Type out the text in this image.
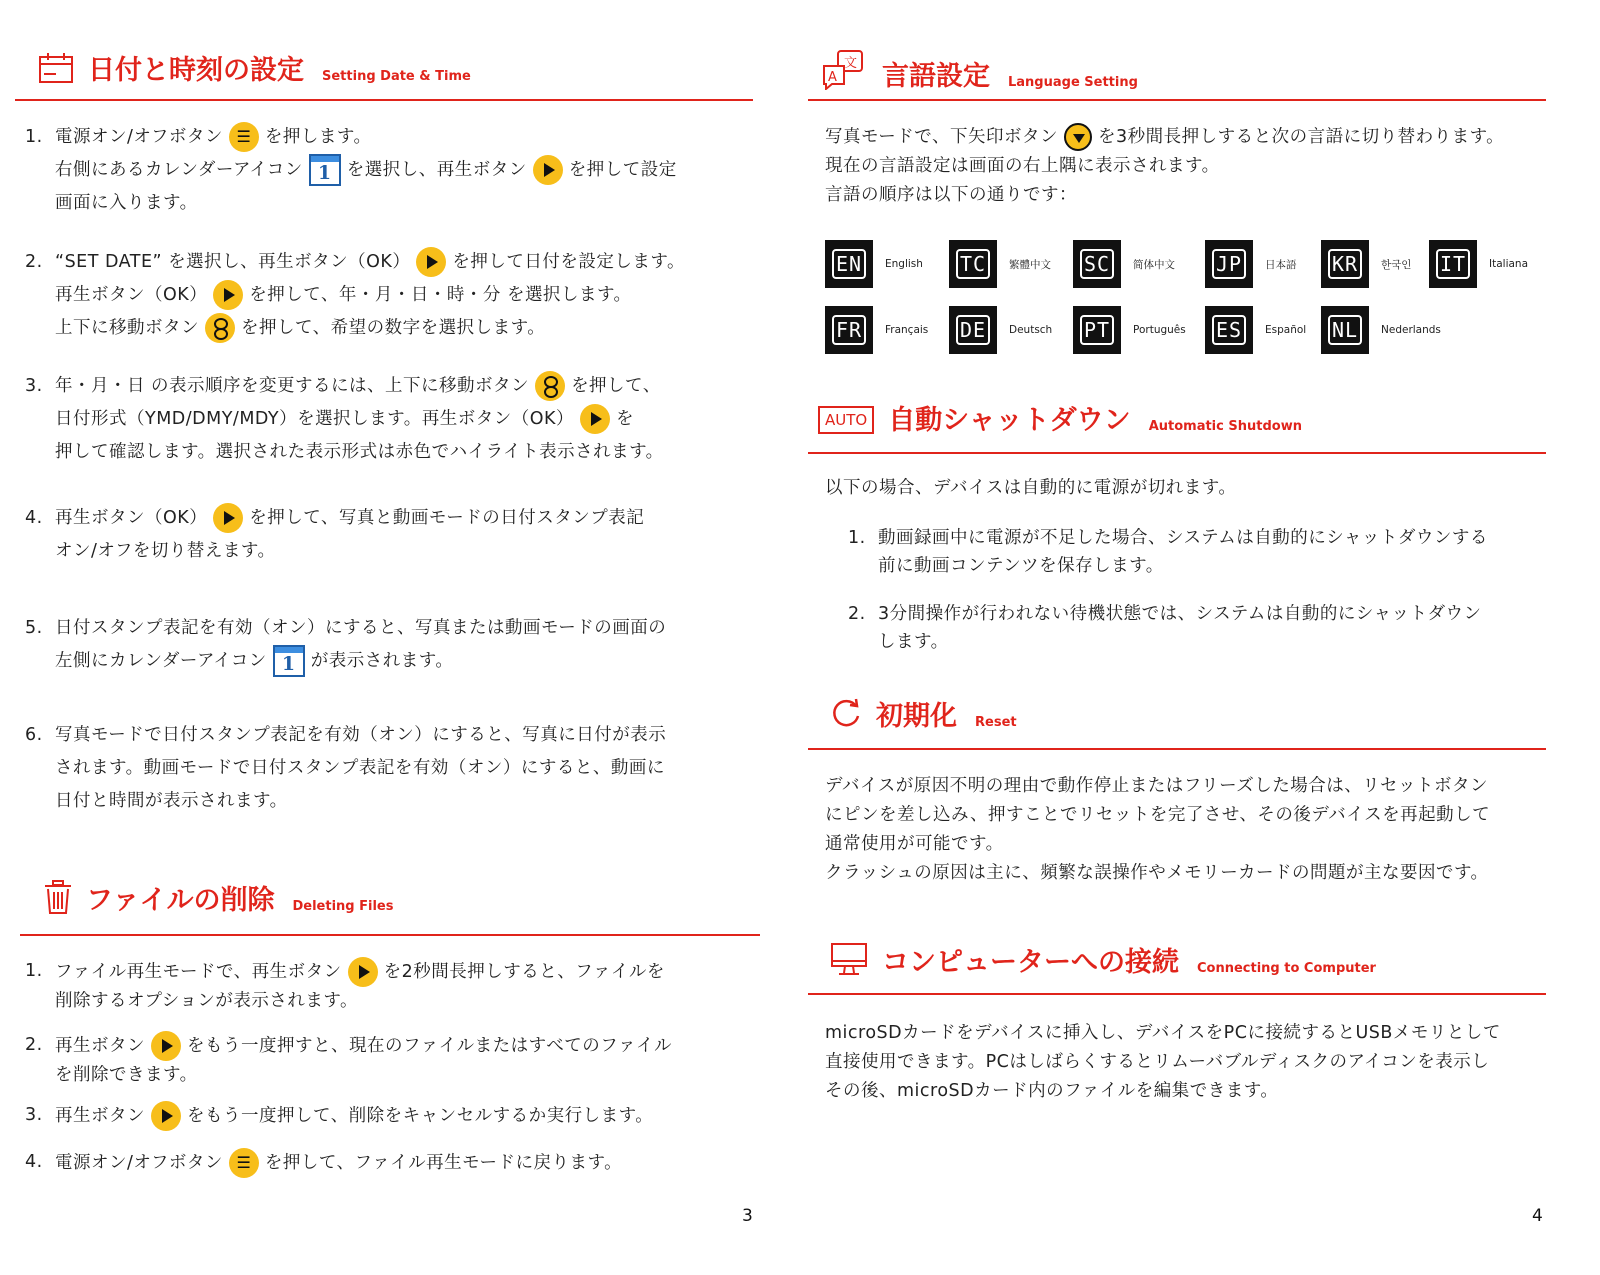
日付と時刻の設定 Setting Date & Time
1. 電源オン/オフボタン ☰ を押します。
右側にあるカレンダーアイコン 1	を選択し、再生ボタン を押して設定
画面に入ります。
2. “SET DATE” を選択し、再生ボタン（OK） を押して日付を設定します。
再生ボタン（OK） を押して、年・月・日・時・分 を選択します。
上下に移動ボタン を押して、希望の数字を選択します。
3. 年・月・日 の表示順序を変更するには、上下に移動ボタン を押して、
日付形式（YMD/DMY/MDY）を選択します。再生ボタン（OK） を
押して確認します。選択された表示形式は赤色でハイライト表示されます。
4. 再生ボタン（OK） を押して、写真と動画モードの日付スタンプ表記
オン/オフを切り替えます。
5. 日付スタンプ表記を有効（オン）にすると、写真または動画モードの画面の
左側にカレンダーアイコン 1	が表示されます。
6. 写真モードで日付スタンプ表記を有効（オン）にすると、写真に日付が表示
されます。動画モードで日付スタンプ表記を有効（オン）にすると、動画に
日付と時間が表示されます。
ファイルの削除 Deleting Files
1. ファイル再生モードで、再生ボタン を2秒間長押しすると、ファイルを
削除するオプションが表示されます。
2. 再生ボタン をもう一度押すと、現在のファイルまたはすべてのファイル
を削除できます。
3. 再生ボタン をもう一度押して、削除をキャンセルするか実行します。
4. 電源オン/オフボタン ☰ を押して、ファイル再生モードに戻ります。
3
文
A 言語設定 Language Setting
写真モードで、下矢印ボタン を3秒間長押しすると次の言語に切り替わります。
現在の言語設定は画面の右上隅に表示されます。
言語の順序は以下の通りです：
EN	English TC	繁體中文 SC	简体中文 JP	日本語 KR	한국인 IT	Italiana
FR	Français DE	Deutsch PT	Português ES	Español NL	Nederlands
AUTO 自動シャットダウン Automatic Shutdown
以下の場合、デバイスは自動的に電源が切れます。
1. 動画録画中に電源が不足した場合、システムは自動的にシャットダウンする
前に動画コンテンツを保存します。
2. 3分間操作が行われない待機状態では、システムは自動的にシャットダウン
します。
初期化 Reset
デバイスが原因不明の理由で動作停止またはフリーズした場合は、リセットボタン
にピンを差し込み、押すことでリセットを完了させ、その後デバイスを再起動して
通常使用が可能です。
クラッシュの原因は主に、頻繁な誤操作やメモリーカードの問題が主な要因です。
コンピューターへの接続 Connecting to Computer
microSDカードをデバイスに挿入し、デバイスをPCに接続するとUSBメモリとして
直接使用できます。PCはしばらくするとリムーバブルディスクのアイコンを表示し
その後、microSDカード内のファイルを編集できます。
4
